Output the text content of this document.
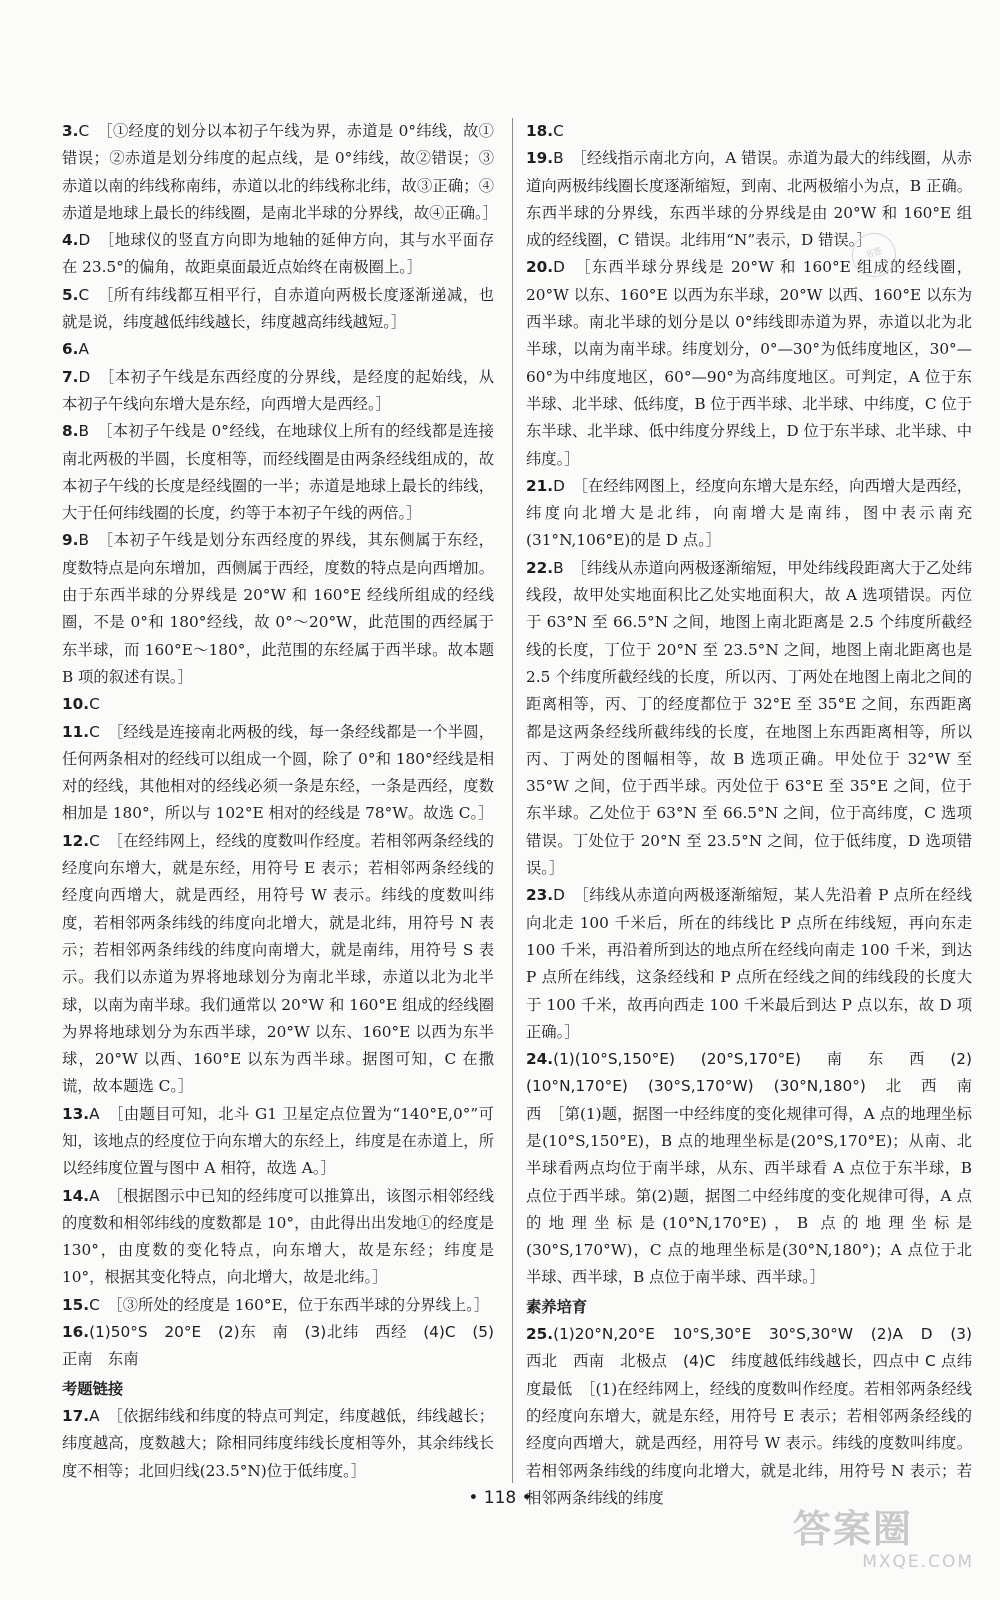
3.C　 ［①经度的划分以本初子午线为界，赤道是 0°纬线，故①错误；②赤道是划分纬度的起点线，是 0°纬线，故②错误；③赤道以南的纬线称南纬，赤道以北的纬线称北纬，故③正确；④赤道是地球上最长的纬线圈，是南北半球的分界线，故④正确。］

4.D　 ［地球仪的竖直方向即为地轴的延伸方向，其与水平面存在 23.5°的偏角，故距桌面最近点始终在南极圈上。］

5.C　 ［所有纬线都互相平行，自赤道向两极长度逐渐递减，也就是说，纬度越低纬线越长，纬度越高纬线越短。］

6.A

7.D　 ［本初子午线是东西经度的分界线，是经度的起始线，从本初子午线向东增大是东经，向西增大是西经。］

8.B　 ［本初子午线是 0°经线，在地球仪上所有的经线都是连接南北两极的半圆，长度相等，而经线圈是由两条经线组成的，故本初子午线的长度是经线圈的一半；赤道是地球上最长的纬线，大于任何纬线圈的长度，约等于本初子午线的两倍。］

9.B　 ［本初子午线是划分东西经度的界线，其东侧属于东经，度数特点是向东增加，西侧属于西经，度数的特点是向西增加。由于东西半球的分界线是 20°W 和 160°E 经线所组成的经线圈，不是 0°和 180°经线，故 0°～20°W，此范围的西经属于东半球，而 160°E～180°，此范围的东经属于西半球。故本题 B 项的叙述有误。］

10.C

11.C　 ［经线是连接南北两极的线，每一条经线都是一个半圆，任何两条相对的经线可以组成一个圆，除了 0°和 180°经线是相对的经线，其他相对的经线必须一条是东经，一条是西经，度数相加是 180°，所以与 102°E 相对的经线是 78°W。故选 C。］

12.C　 ［在经纬网上，经线的度数叫作经度。若相邻两条经线的经度向东增大，就是东经，用符号 E 表示；若相邻两条经线的经度向西增大，就是西经，用符号 W 表示。纬线的度数叫纬度，若相邻两条纬线的纬度向北增大，就是北纬，用符号 N 表示；若相邻两条纬线的纬度向南增大，就是南纬，用符号 S 表示。我们以赤道为界将地球划分为南北半球，赤道以北为北半球，以南为南半球。我们通常以 20°W 和 160°E 组成的经线圈为界将地球划分为东西半球，20°W 以东、160°E 以西为东半球，20°W 以西、160°E 以东为西半球。据图可知，C 在撒谎，故本题选 C。］

13.A　 ［由题目可知，北斗 G1 卫星定点位置为“140°E,0°”可知，该地点的经度位于向东增大的东经上，纬度是在赤道上，所以经纬度位置与图中 A 相符，故选 A。］

14.A　 ［根据图示中已知的经纬度可以推算出，该图示相邻经线的度数和相邻纬线的度数都是 10°，由此得出出发地①的经度是 130°，由度数的变化特点，向东增大，故是东经；纬度是 10°，根据其变化特点，向北增大，故是北纬。］

15.C　 ［③所处的经度是 160°E，位于东西半球的分界线上。］

16.(1)50°S　20°E　(2)东　南　(3)北纬　西经　(4)C　(5)正南　东南

考题链接

17.A　 ［依据纬线和纬度的特点可判定，纬度越低，纬线越长；纬度越高，度数越大；除相同纬度纬线长度相等外，其余纬线长度不相等；北回归线(23.5°N)位于低纬度。］

18.C

19.B　 ［经线指示南北方向，A 错误。赤道为最大的纬线圈，从赤道向两极纬线圈长度逐渐缩短，到南、北两极缩小为点，B 正确。东西半球的分界线，东西半球的分界线是由 20°W 和 160°E 组成的经线圈，C 错误。北纬用“N”表示，D 错误。］

20.D　 ［东西半球分界线是 20°W 和 160°E 组成的经线圈，20°W 以东、160°E 以西为东半球，20°W 以西、160°E 以东为西半球。南北半球的划分是以 0°纬线即赤道为界，赤道以北为北半球，以南为南半球。纬度划分，0°—30°为低纬度地区，30°—60°为中纬度地区，60°—90°为高纬度地区。可判定，A 位于东半球、北半球、低纬度，B 位于西半球、北半球、中纬度，C 位于东半球、北半球、低中纬度分界线上，D 位于东半球、北半球、中纬度。］

21.D　 ［在经纬网图上，经度向东增大是东经，向西增大是西经，纬度向北增大是北纬，向南增大是南纬，图中表示南充(31°N,106°E)的是 D 点。］

22.B　 ［纬线从赤道向两极逐渐缩短，甲处纬线段距离大于乙处纬线段，故甲处实地面积比乙处实地面积大，故 A 选项错误。丙位于 63°N 至 66.5°N 之间，地图上南北距离是 2.5 个纬度所截经线的长度，丁位于 20°N 至 23.5°N 之间，地图上南北距离也是 2.5 个纬度所截经线的长度，所以丙、丁两处在地图上南北之间的距离相等，丙、丁的经度都位于 32°E 至 35°E 之间，东西距离都是这两条经线所截纬线的长度，在地图上东西距离相等，所以丙、丁两处的图幅相等，故 B 选项正确。甲处位于 32°W 至 35°W 之间，位于西半球。丙处位于 63°E 至 35°E 之间，位于东半球。乙处位于 63°N 至 66.5°N 之间，位于高纬度，C 选项错误。丁处位于 20°N 至 23.5°N 之间，位于低纬度，D 选项错误。］

23.D　 ［纬线从赤道向两极逐渐缩短，某人先沿着 P 点所在经线向北走 100 千米后，所在的纬线比 P 点所在纬线短，再向东走 100 千米，再沿着所到达的地点所在经线向南走 100 千米，到达 P 点所在纬线，这条经线和 P 点所在经线之间的纬线段的长度大于 100 千米，故再向西走 100 千米最后到达 P 点以东，故 D 项正确。］

24.(1)(10°S,150°E)　(20°S,170°E)　南　东　西　(2)(10°N,170°E)　(30°S,170°W)　(30°N,180°)　北　西　南　西　 ［第(1)题，据图一中经纬度的变化规律可得，A 点的地理坐标是(10°S,150°E)，B 点的地理坐标是(20°S,170°E)；从南、北半球看两点均位于南半球，从东、西半球看 A 点位于东半球，B 点位于西半球。第(2)题，据图二中经纬度的变化规律可得，A 点的地理坐标是(10°N,170°E)，B 点的地理坐标是(30°S,170°W)，C 点的地理坐标是(30°N,180°)；A 点位于北半球、西半球，B 点位于南半球、西半球。］

素养培育

25.(1)20°N,20°E　10°S,30°E　30°S,30°W　(2)A　D　(3)西北　西南　北极点　(4)C　纬度越低纬线越长，四点中 C 点纬度最低　 ［(1)在经纬网上，经线的度数叫作经度。若相邻两条经线的经度向东增大，就是东经，用符号 E 表示；若相邻两条经线的经度向西增大，就是西经，用符号 W 表示。纬线的度数叫纬度。若相邻两条纬线的纬度向北增大，就是北纬，用符号 N 表示；若相邻两条纬线的纬度

书签
• 118 •
答案圈
MXQE.COM
